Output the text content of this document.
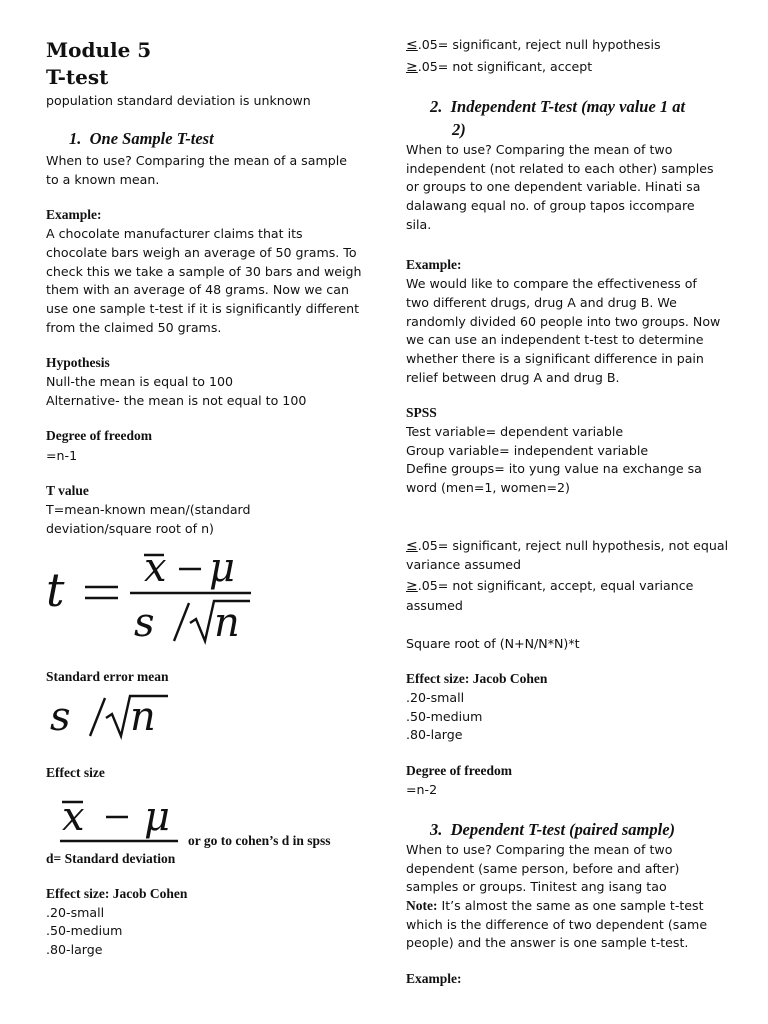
Module 5
T-test
population standard deviation is unknown
1. One Sample T-test
When to use? Comparing the mean of a sample
to a known mean.
Example:
A chocolate manufacturer claims that its
chocolate bars weigh an average of 50 grams. To
check this we take a sample of 30 bars and weigh
them with an average of 48 grams. Now we can
use one sample t-test if it is significantly different
from the claimed 50 grams.
Hypothesis
Null-the mean is equal to 100
Alternative- the mean is not equal to 100
Degree of freedom
=n-1
T value
T=mean-known mean/(standard
deviation/square root of n)
t x μ
s n
Standard error mean
s n
Effect size
x μ
or go to cohen’s d in spss
d= Standard deviation
Effect size: Jacob Cohen
.20-small
.50-medium
.80-large
≤.05= significant, reject null hypothesis
≥.05= not significant, accept
2. Independent T-test (may value 1 at
2)
When to use? Comparing the mean of two
independent (not related to each other) samples
or groups to one dependent variable. Hinati sa
dalawang equal no. of group tapos iccompare
sila.
Example:
We would like to compare the effectiveness of
two different drugs, drug A and drug B. We
randomly divided 60 people into two groups. Now
we can use an independent t-test to determine
whether there is a significant difference in pain
relief between drug A and drug B.
SPSS
Test variable= dependent variable
Group variable= independent variable
Define groups= ito yung value na exchange sa
word (men=1, women=2)
≤.05= significant, reject null hypothesis, not equal
variance assumed
≥.05= not significant, accept, equal variance
assumed
Square root of (N+N/N*N)*t
Effect size: Jacob Cohen
.20-small
.50-medium
.80-large
Degree of freedom
=n-2
3. Dependent T-test (paired sample)
When to use? Comparing the mean of two
dependent (same person, before and after)
samples or groups. Tinitest ang isang tao
Note: It’s almost the same as one sample t-test
which is the difference of two dependent (same
people) and the answer is one sample t-test.
Example:
